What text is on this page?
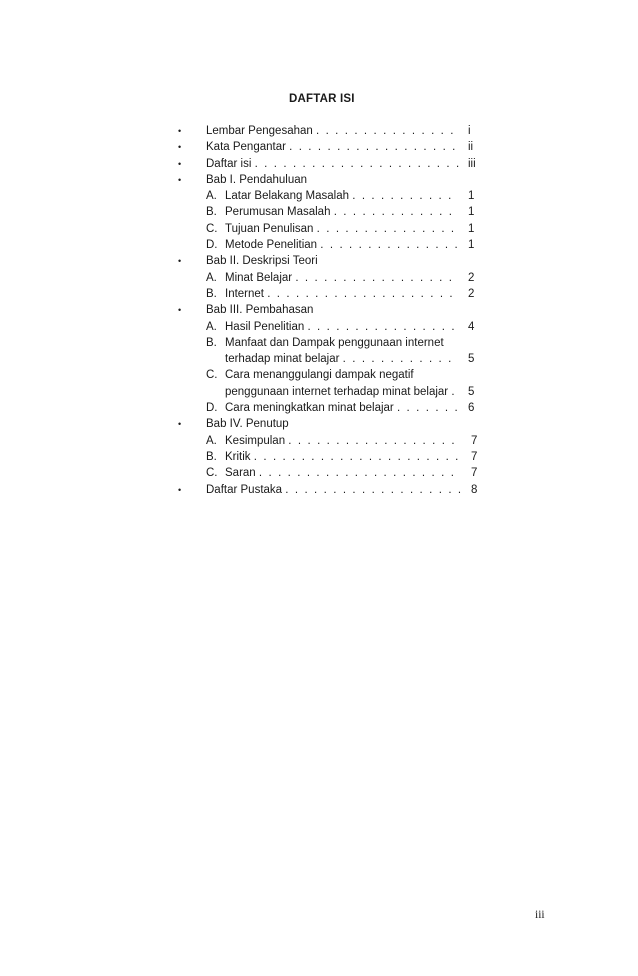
DAFTAR ISI
• Lembar Pengesahan . . . . . . . . . . . . . . . i
• Kata Pengantar . . . . . . . . . . . . . . . . . . ii
• Daftar isi . . . . . . . . . . . . . . . . . . . . . . iii
• Bab I. Pendahuluan
A. Latar Belakang Masalah . . . . . . . . . . . 1
B. Perumusan Masalah . . . . . . . . . . . . . 1
C. Tujuan Penulisan . . . . . . . . . . . . . . . 1
D. Metode Penelitian . . . . . . . . . . . . . . . 1
• Bab II. Deskripsi Teori
A. Minat Belajar . . . . . . . . . . . . . . . . . 2
B. Internet . . . . . . . . . . . . . . . . . . . . 2
• Bab III. Pembahasan
A. Hasil Penelitian . . . . . . . . . . . . . . . . 4
B. Manfaat dan Dampak penggunaan internet
terhadap minat belajar . . . . . . . . . . . . 5
C. Cara menanggulangi dampak negatif
penggunaan internet terhadap minat belajar . 5
D. Cara meningkatkan minat belajar . . . . . . . 6
• Bab IV. Penutup
A. Kesimpulan . . . . . . . . . . . . . . . . . . 7
B. Kritik . . . . . . . . . . . . . . . . . . . . . . 7
C. Saran . . . . . . . . . . . . . . . . . . . . . 7
• Daftar Pustaka . . . . . . . . . . . . . . . . . . . 8

iii
